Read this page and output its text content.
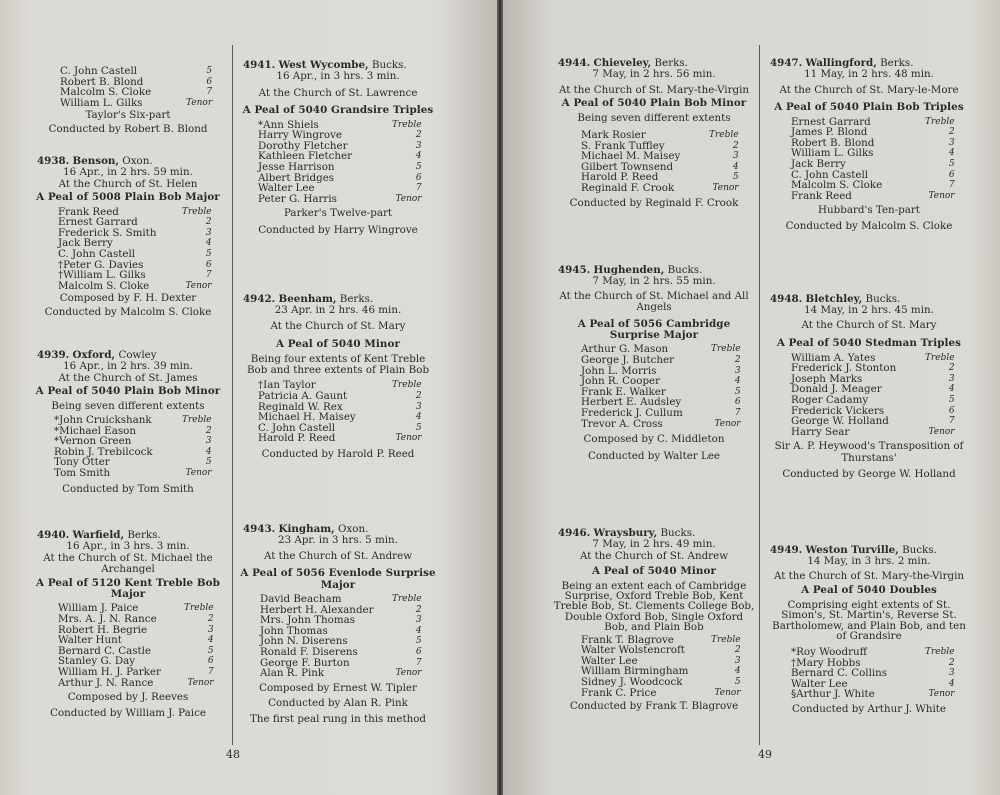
C. John Castell	5
Robert B. Blond	6
Malcolm S. Cloke	7
William L. Gilks	Tenor

Taylor's Six-part

Conducted by Robert B. Blond

4938. Benson, Oxon.

16 Apr., in 2 hrs. 59 min.

At the Church of St. Helen

A Peal of 5008 Plain Bob Major

Frank Reed	Treble
Ernest Garrard	2
Frederick S. Smith	3
Jack Berry	4
C. John Castell	5
†Peter G. Davies	6
†William L. Gilks	7
Malcolm S. Cloke	Tenor

Composed by F. H. Dexter

Conducted by Malcolm S. Cloke

4939. Oxford, Cowley

16 Apr., in 2 hrs. 39 min.

At the Church of St. James

A Peal of 5040 Plain Bob Minor

Being seven different extents

*John Cruickshank	Treble
*Michael Eason	2
*Vernon Green	3
Robin J. Trebilcock	4
Tony Otter	5
Tom Smith	Tenor

Conducted by Tom Smith

4940. Warfield, Berks.

16 Apr., in 3 hrs. 3 min.

At the Church of St. Michael the Archangel

A Peal of 5120 Kent Treble Bob Major

William J. Paice	Treble
Mrs. A. J. N. Rance	2
Robert H. Begrie	3
Walter Hunt	4
Bernard C. Castle	5
Stanley G. Day	6
William H. J. Parker	7
Arthur J. N. Rance	Tenor

Composed by J. Reeves

Conducted by William J. Paice

4941. West Wycombe, Bucks.

16 Apr., in 3 hrs. 3 min.

At the Church of St. Lawrence

A Peal of 5040 Grandsire Triples

*Ann Shiels	Treble
Harry Wingrove	2
Dorothy Fletcher	3
Kathleen Fletcher	4
Jesse Harrison	5
Albert Bridges	6
Walter Lee	7
Peter G. Harris	Tenor

Parker's Twelve-part

Conducted by Harry Wingrove

4942. Beenham, Berks.

23 Apr. in 2 hrs. 46 min.

At the Church of St. Mary

A Peal of 5040 Minor

Being four extents of Kent Treble Bob and three extents of Plain Bob

†Ian Taylor	Treble
Patricia A. Gaunt	2
Reginald W. Rex	3
Michael H. Maisey	4
C. John Castell	5
Harold P. Reed	Tenor

Conducted by Harold P. Reed

4943. Kingham, Oxon.

23 Apr. in 3 hrs. 5 min.

At the Church of St. Andrew

A Peal of 5056 Evenlode Surprise Major

David Beacham	Treble
Herbert H. Alexander	2
Mrs. John Thomas	3
John Thomas	4
John N. Diserens	5
Ronald F. Diserens	6
George F. Burton	7
Alan R. Pink	Tenor

Composed by Ernest W. Tipler

Conducted by Alan R. Pink

The first peal rung in this method

48

4944. Chieveley, Berks.

7 May, in 2 hrs. 56 min.

At the Church of St. Mary-the-Virgin

A Peal of 5040 Plain Bob Minor

Being seven different extents

Mark Rosier	Treble
S. Frank Tuffley	2
Michael M. Maisey	3
Gilbert Townsend	4
Harold P. Reed	5
Reginald F. Crook	Tenor

Conducted by Reginald F. Crook

4945. Hughenden, Bucks.

7 May, in 2 hrs. 55 min.

At the Church of St. Michael and All Angels

A Peal of 5056 Cambridge Surprise Major

Arthur G. Mason	Treble
George J. Butcher	2
John L. Morris	3
John R. Cooper	4
Frank E. Walker	5
Herbert E. Audsley	6
Frederick J. Cullum	7
Trevor A. Cross	Tenor

Composed by C. Middleton

Conducted by Walter Lee

4946. Wraysbury, Bucks.

7 May, in 2 hrs. 49 min.

At the Church of St. Andrew

A Peal of 5040 Minor

Being an extent each of Cambridge Surprise, Oxford Treble Bob, Kent Treble Bob, St. Clements College Bob, Double Oxford Bob, Single Oxford Bob, and Plain Bob

Frank T. Blagrove	Treble
Walter Wolstencroft	2
Walter Lee	3
William Birmingham	4
Sidney J. Woodcock	5
Frank C. Price	Tenor

Conducted by Frank T. Blagrove

4947. Wallingford, Berks.

11 May, in 2 hrs. 48 min.

At the Church of St. Mary-le-More

A Peal of 5040 Plain Bob Triples

Ernest Garrard	Treble
James P. Blond	2
Robert B. Blond	3
William L. Gilks	4
Jack Berry	5
C. John Castell	6
Malcolm S. Cloke	7
Frank Reed	Tenor

Hubbard's Ten-part

Conducted by Malcolm S. Cloke

4948. Bletchley, Bucks.

14 May, in 2 hrs. 45 min.

At the Church of St. Mary

A Peal of 5040 Stedman Triples

William A. Yates	Treble
Frederick J. Stonton	2
Joseph Marks	3
Donald J. Meager	4
Roger Cadamy	5
Frederick Vickers	6
George W. Holland	7
Harry Sear	Tenor

Sir A. P. Heywood's Transposition of Thurstans'

Conducted by George W. Holland

4949. Weston Turville, Bucks.

14 May, in 3 hrs. 2 min.

At the Church of St. Mary-the-Virgin

A Peal of 5040 Doubles

Comprising eight extents of St. Simon's, St. Martin's, Reverse St. Bartholomew, and Plain Bob, and ten of Grandsire

*Roy Woodruff	Treble
†Mary Hobbs	2
Bernard C. Collins	3
Walter Lee	4
§Arthur J. White	Tenor

Conducted by Arthur J. White

49
